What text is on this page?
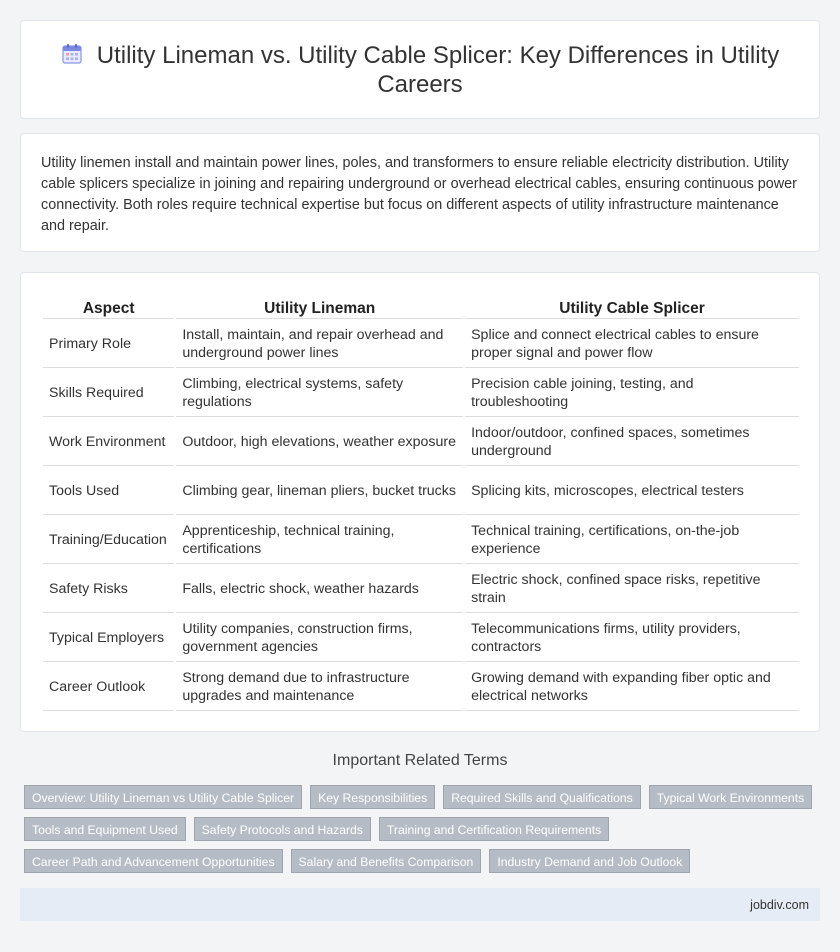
Utility Lineman vs. Utility Cable Splicer: Key Differences in Utility Careers

Utility linemen install and maintain power lines, poles, and transformers to ensure reliable electricity distribution. Utility cable splicers specialize in joining and repairing underground or overhead electrical cables, ensuring continuous power connectivity. Both roles require technical expertise but focus on different aspects of utility infrastructure maintenance and repair.

Aspect	Utility Lineman	Utility Cable Splicer
Primary Role	Install, maintain, and repair overhead and underground power lines	Splice and connect electrical cables to ensure proper signal and power flow
Skills Required	Climbing, electrical systems, safety regulations	Precision cable joining, testing, and troubleshooting
Work Environment	Outdoor, high elevations, weather exposure	Indoor/outdoor, confined spaces, sometimes underground
Tools Used	Climbing gear, lineman pliers, bucket trucks	Splicing kits, microscopes, electrical testers
Training/Education	Apprenticeship, technical training, certifications	Technical training, certifications, on-the-job experience
Safety Risks	Falls, electric shock, weather hazards	Electric shock, confined space risks, repetitive strain
Typical Employers	Utility companies, construction firms, government agencies	Telecommunications firms, utility providers, contractors
Career Outlook	Strong demand due to infrastructure upgrades and maintenance	Growing demand with expanding fiber optic and electrical networks
Important Related Terms
Overview: Utility Lineman vs Utility Cable Splicer	Key Responsibilities	Required Skills and Qualifications	Typical Work Environments
Tools and Equipment Used	Safety Protocols and Hazards	Training and Certification Requirements
Career Path and Advancement Opportunities	Salary and Benefits Comparison	Industry Demand and Job Outlook
jobdiv.com
